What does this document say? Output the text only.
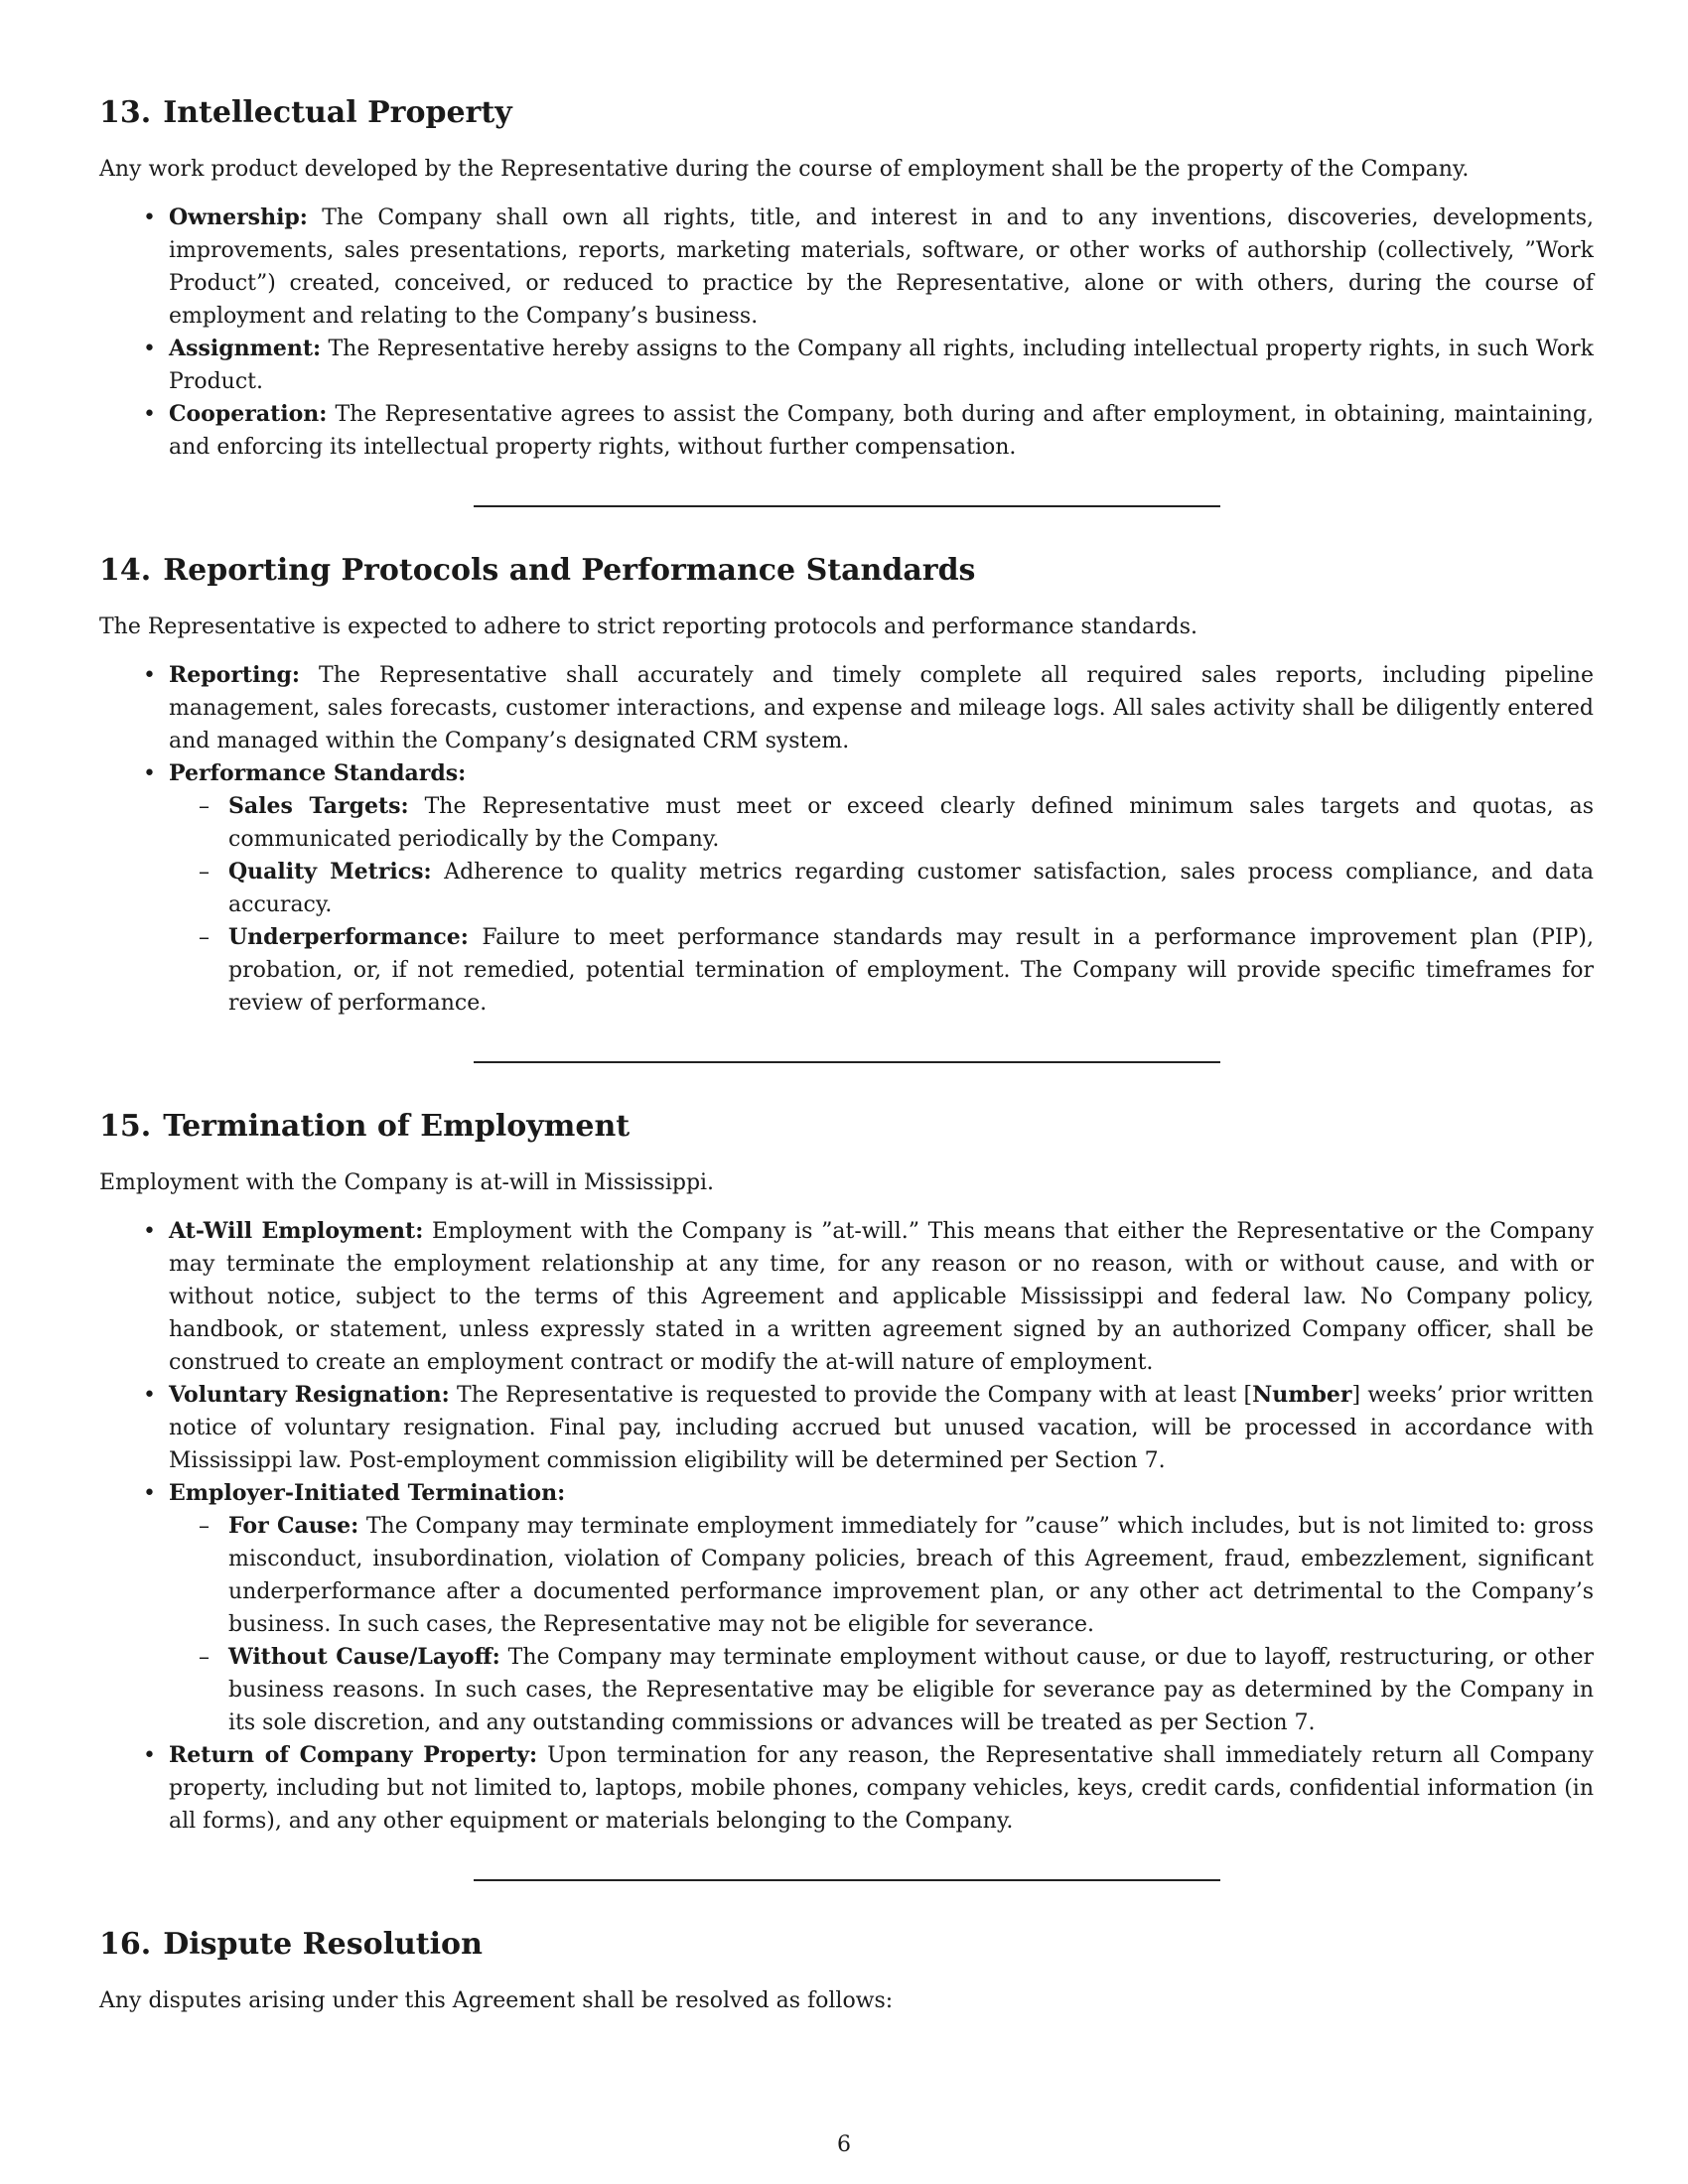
13. Intellectual Property

Any work product developed by the Representative during the course of employment shall be the property of the Company.

• Ownership: The Company shall own all rights, title, and interest in and to any inventions, discoveries, developments, improvements, sales presentations, reports, marketing materials, software, or other works of authorship (collectively, ”Work Product”) created, conceived, or reduced to practice by the Representative, alone or with others, during the course of employment and relating to the Company’s business.
• Assignment: The Representative hereby assigns to the Company all rights, including intellectual property rights, in such Work Product.
• Cooperation: The Representative agrees to assist the Company, both during and after employment, in obtaining, maintaining, and enforcing its intellectual property rights, without further compensation.
14. Reporting Protocols and Performance Standards

The Representative is expected to adhere to strict reporting protocols and performance standards.

• Reporting: The Representative shall accurately and timely complete all required sales reports, including pipeline management, sales forecasts, customer interactions, and expense and mileage logs. All sales activity shall be diligently entered and managed within the Company’s designated CRM system.
• Performance Standards:
– Sales Targets: The Representative must meet or exceed clearly defined minimum sales targets and quotas, as communicated periodically by the Company.
– Quality Metrics: Adherence to quality metrics regarding customer satisfaction, sales process compliance, and data accuracy.
– Underperformance: Failure to meet performance standards may result in a performance improvement plan (PIP), probation, or, if not remedied, potential termination of employment. The Company will provide specific timeframes for review of performance.
15. Termination of Employment

Employment with the Company is at-will in Mississippi.

• At-Will Employment: Employment with the Company is ”at-will.” This means that either the Representative or the Company may terminate the employment relationship at any time, for any reason or no reason, with or without cause, and with or without notice, subject to the terms of this Agreement and applicable Mississippi and federal law. No Company policy, handbook, or statement, unless expressly stated in a written agreement signed by an authorized Company officer, shall be construed to create an employment contract or modify the at-will nature of employment.
• Voluntary Resignation: The Representative is requested to provide the Company with at least [Number] weeks’ prior written notice of voluntary resignation. Final pay, including accrued but unused vacation, will be processed in accordance with Mississippi law. Post-employment commission eligibility will be determined per Section 7.
• Employer-Initiated Termination:
– For Cause: The Company may terminate employment immediately for ”cause” which includes, but is not limited to: gross misconduct, insubordination, violation of Company policies, breach of this Agreement, fraud, embezzlement, significant underperformance after a documented performance improvement plan, or any other act detrimental to the Company’s business. In such cases, the Representative may not be eligible for severance.
– Without Cause/Layoff: The Company may terminate employment without cause, or due to layoff, restructuring, or other business reasons. In such cases, the Representative may be eligible for severance pay as determined by the Company in its sole discretion, and any outstanding commissions or advances will be treated as per Section 7.
• Return of Company Property: Upon termination for any reason, the Representative shall immediately return all Company property, including but not limited to, laptops, mobile phones, company vehicles, keys, credit cards, confidential information (in all forms), and any other equipment or materials belonging to the Company.
16. Dispute Resolution

Any disputes arising under this Agreement shall be resolved as follows:

6
